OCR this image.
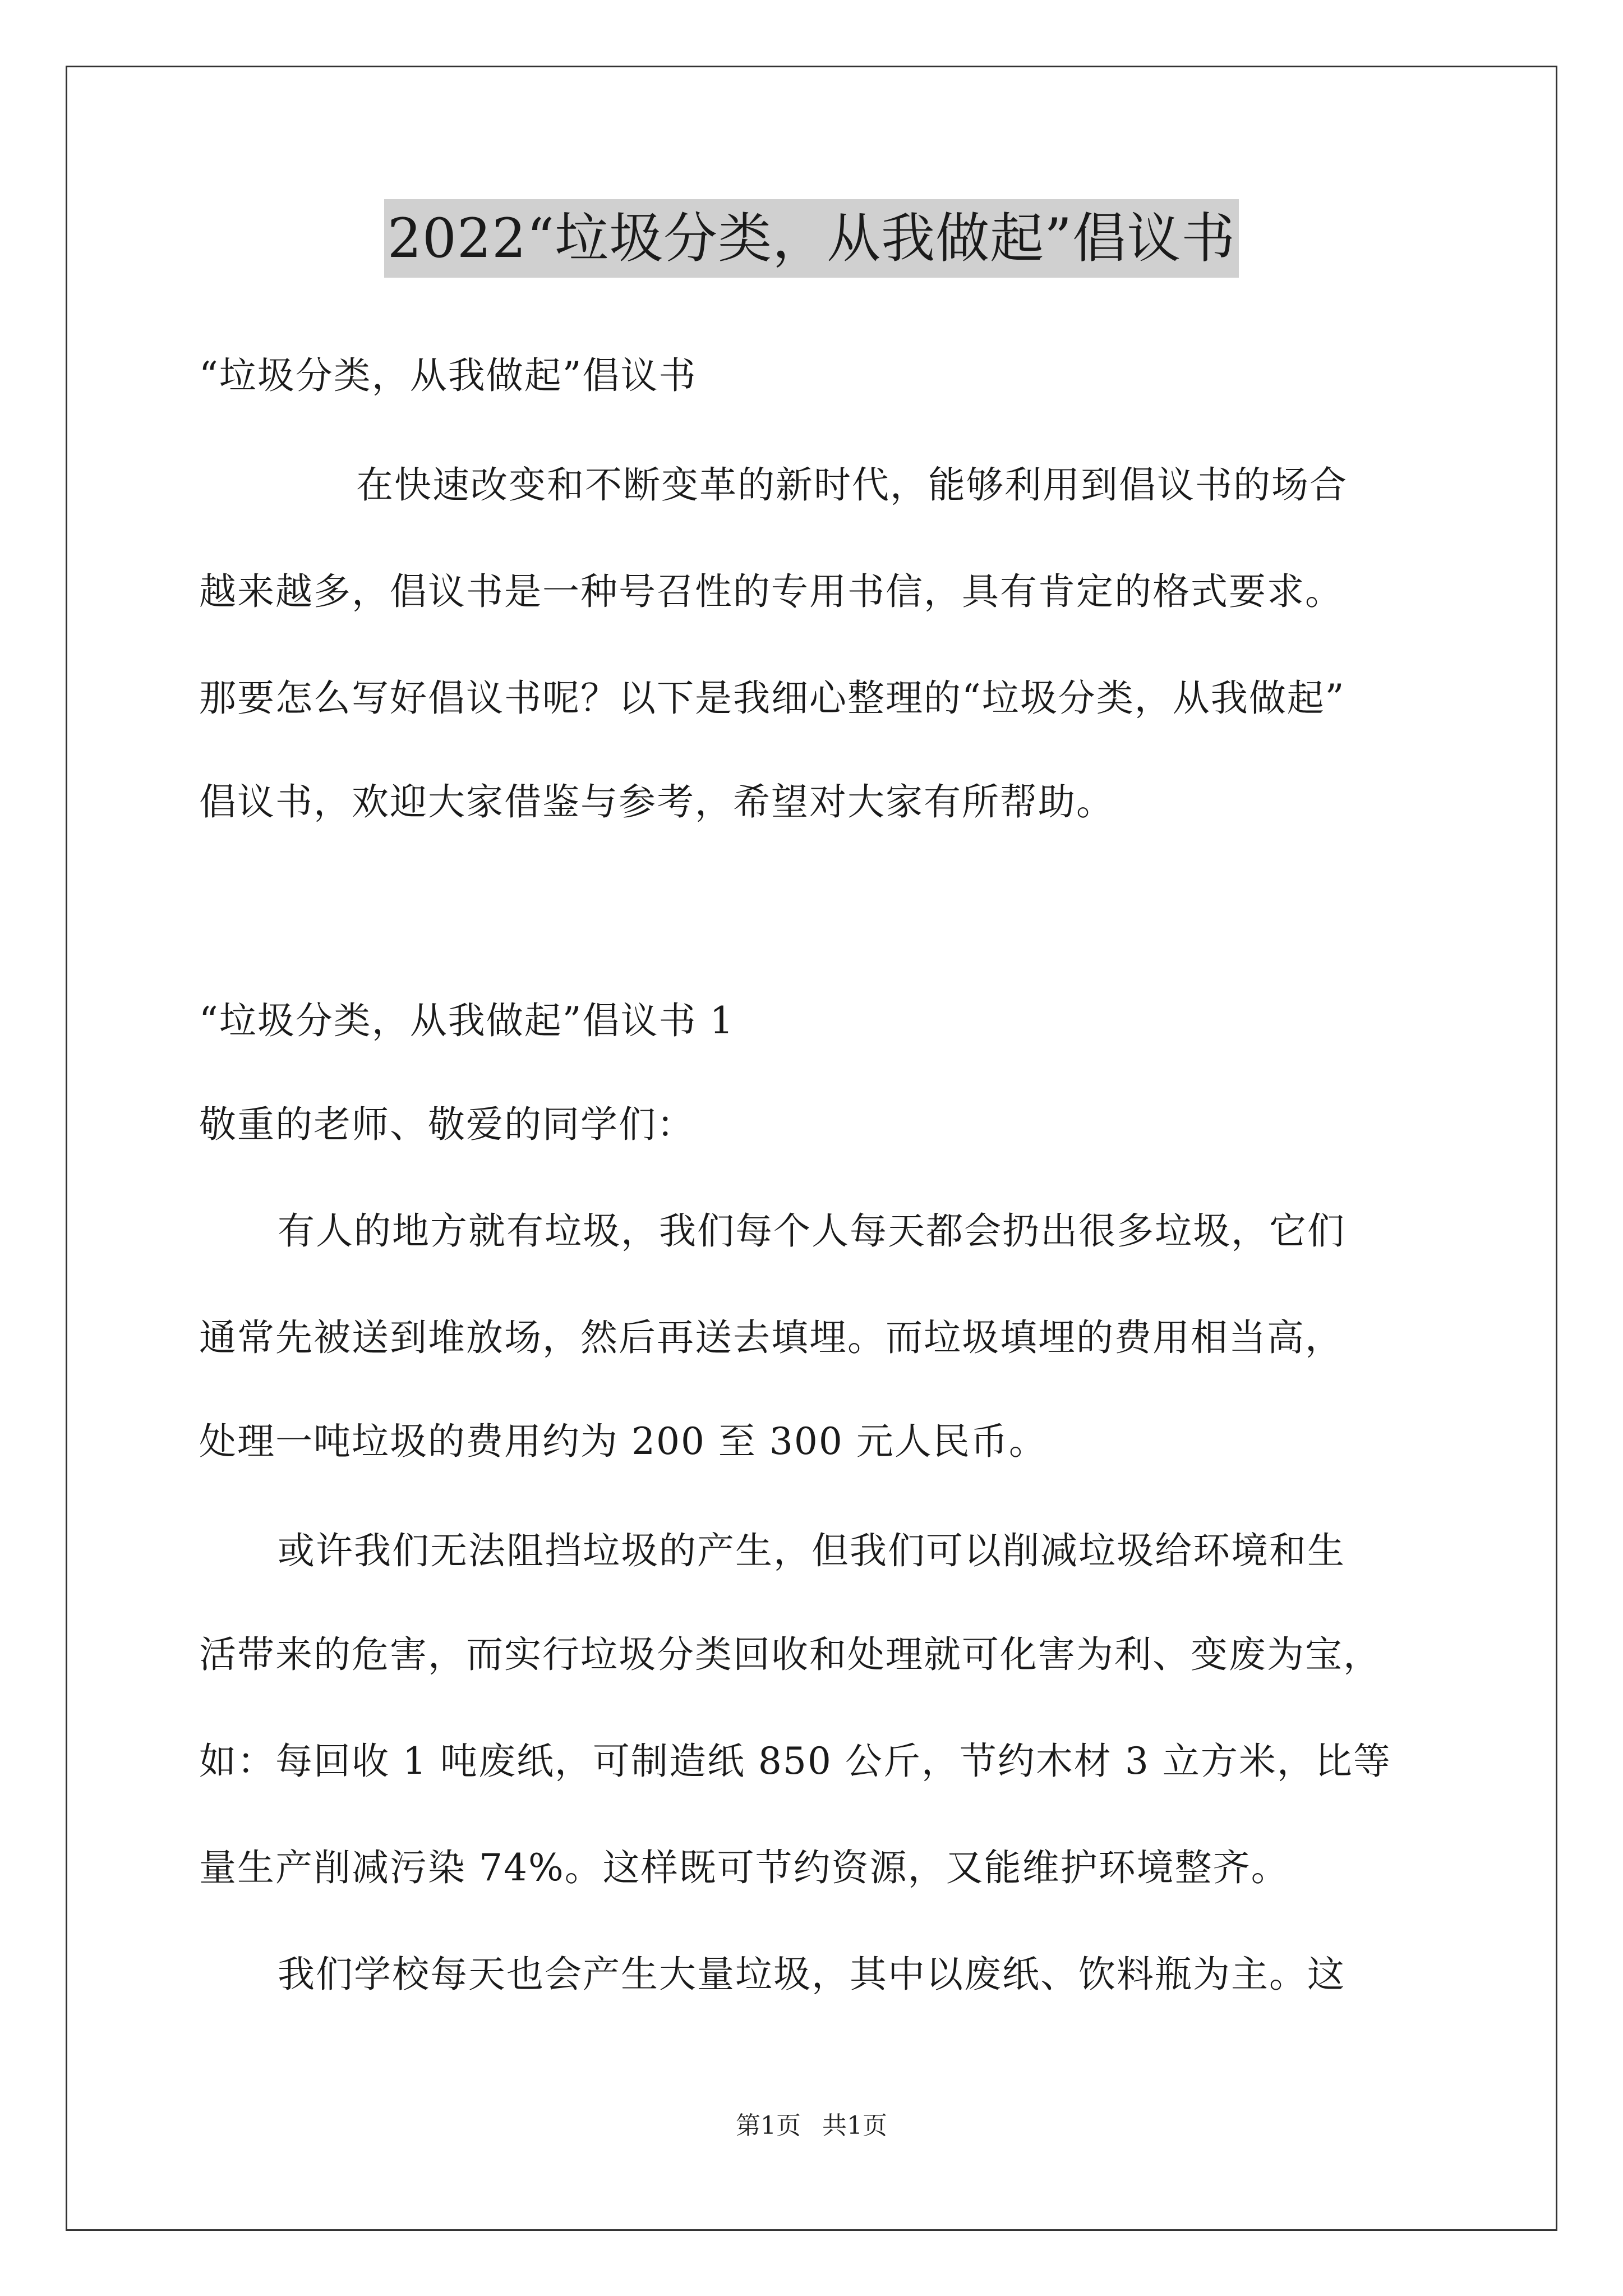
2022“垃圾分类，从我做起”倡议书
“垃圾分类，从我做起”倡议书
在快速改变和不断变革的新时代，能够利用到倡议书的场合
越来越多，倡议书是一种号召性的专用书信，具有肯定的格式要求。
那要怎么写好倡议书呢？以下是我细心整理的“垃圾分类，从我做起”
倡议书，欢迎大家借鉴与参考，希望对大家有所帮助。
“垃圾分类，从我做起”倡议书 1
敬重的老师、敬爱的同学们：
有人的地方就有垃圾，我们每个人每天都会扔出很多垃圾，它们
通常先被送到堆放场，然后再送去填埋。而垃圾填埋的费用相当高，
处理一吨垃圾的费用约为 200 至 300 元人民币。
或许我们无法阻挡垃圾的产生，但我们可以削减垃圾给环境和生
活带来的危害，而实行垃圾分类回收和处理就可化害为利、变废为宝，
如：每回收 1 吨废纸，可制造纸 850 公斤，节约木材 3 立方米，比等
量生产削减污染 74%。这样既可节约资源，又能维护环境整齐。
我们学校每天也会产生大量垃圾，其中以废纸、饮料瓶为主。这
第1页 共1页
